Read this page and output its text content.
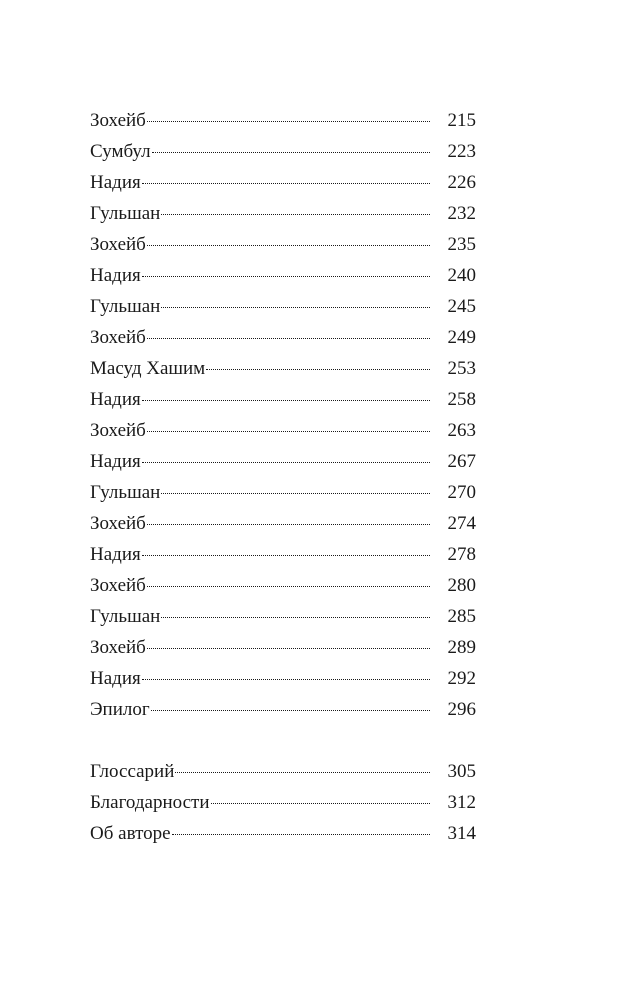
Зохейб	215
Сумбул	223
Надия	226
Гульшан	232
Зохейб	235
Надия	240
Гульшан	245
Зохейб	249
Масуд Хашим	253
Надия	258
Зохейб	263
Надия	267
Гульшан	270
Зохейб	274
Надия	278
Зохейб	280
Гульшан	285
Зохейб	289
Надия	292
Эпилог	296
Глоссарий	305
Благодарности	312
Об авторе	314
